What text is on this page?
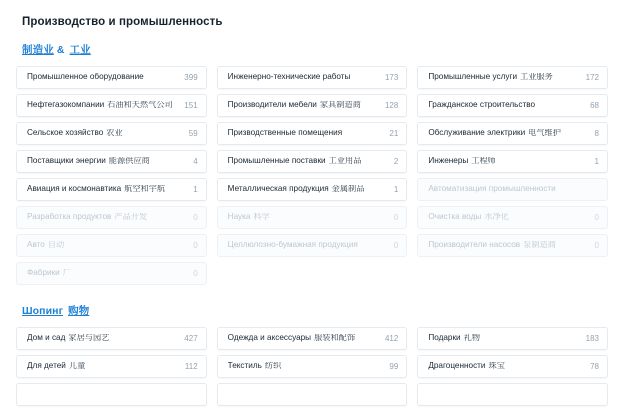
Производство и промышленность
制造业 & 工业
Промышленное оборудование	399
Нефтегазокомпании 石油和天然气公司 151
Сельское хозяйство 农业	59
Поставщики энергии 能源供应商	4
Авиация и космонавтика 航空和宇航	1
Разработка продуктов 产品开发	0
Авто 自动	0
Фабрики 厂	0
Инженерно-технические работы	173
Производители мебели 家具制造商	128
Призводственные помещения	21
Промышленные поставки 工业用品	2
Металлическая продукция 金属制品	1
Наука 科学	0
Целлюлозно-бумажная продукция	0
Промышленные услуги 工业服务	172
Гражданское строительство	68
Обслуживание электрики 电气维护	8
Инженеры 工程师	1
Автоматизация промышленности
Очистка воды 水净化	0
Производители насосов 泵制造商	0
Шопинг 购物
Дом и сад 家居与园艺	427
Для детей 儿童	112
Одежда и аксессуары 服装和配饰	412
Текстиль 纺织	99
Подарки 礼物	183
Драгоценности 珠宝	78
